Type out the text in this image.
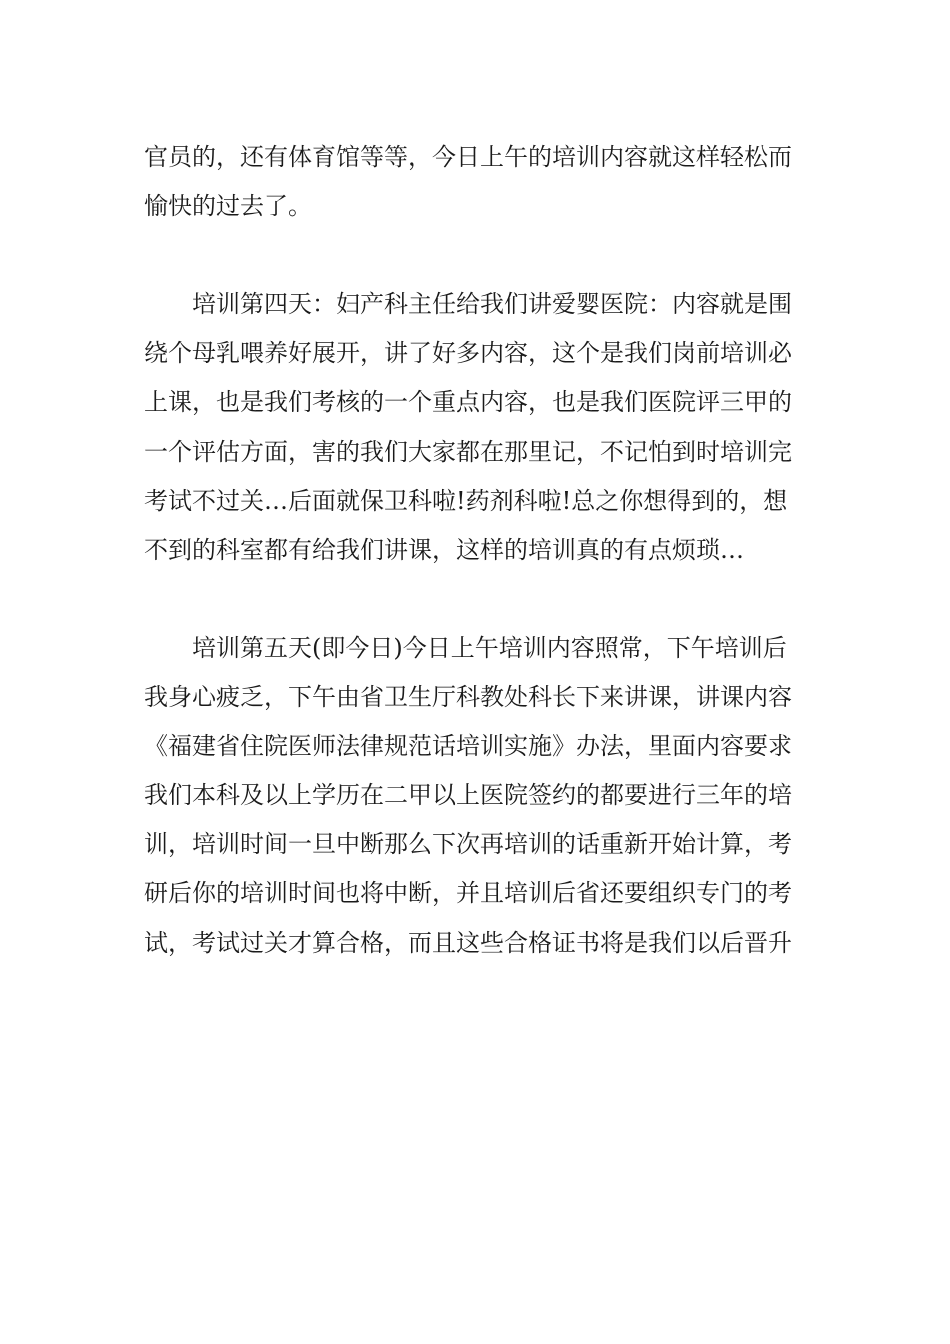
官员的，还有体育馆等等，今日上午的培训内容就这样轻松而
愉快的过去了。
培训第四天：妇产科主任给我们讲爱婴医院：内容就是围
绕个母乳喂养好展开，讲了好多内容，这个是我们岗前培训必
上课，也是我们考核的一个重点内容，也是我们医院评三甲的
一个评估方面，害的我们大家都在那里记，不记怕到时培训完
考试不过关…后面就保卫科啦!药剂科啦!总之你想得到的，想
不到的科室都有给我们讲课，这样的培训真的有点烦琐…
培训第五天(即今日)今日上午培训内容照常，下午培训后
我身心疲乏，下午由省卫生厅科教处科长下来讲课，讲课内容
《福建省住院医师法律规范话培训实施》办法，里面内容要求
我们本科及以上学历在二甲以上医院签约的都要进行三年的培
训，培训时间一旦中断那么下次再培训的话重新开始计算，考
研后你的培训时间也将中断，并且培训后省还要组织专门的考
试，考试过关才算合格，而且这些合格证书将是我们以后晋升
